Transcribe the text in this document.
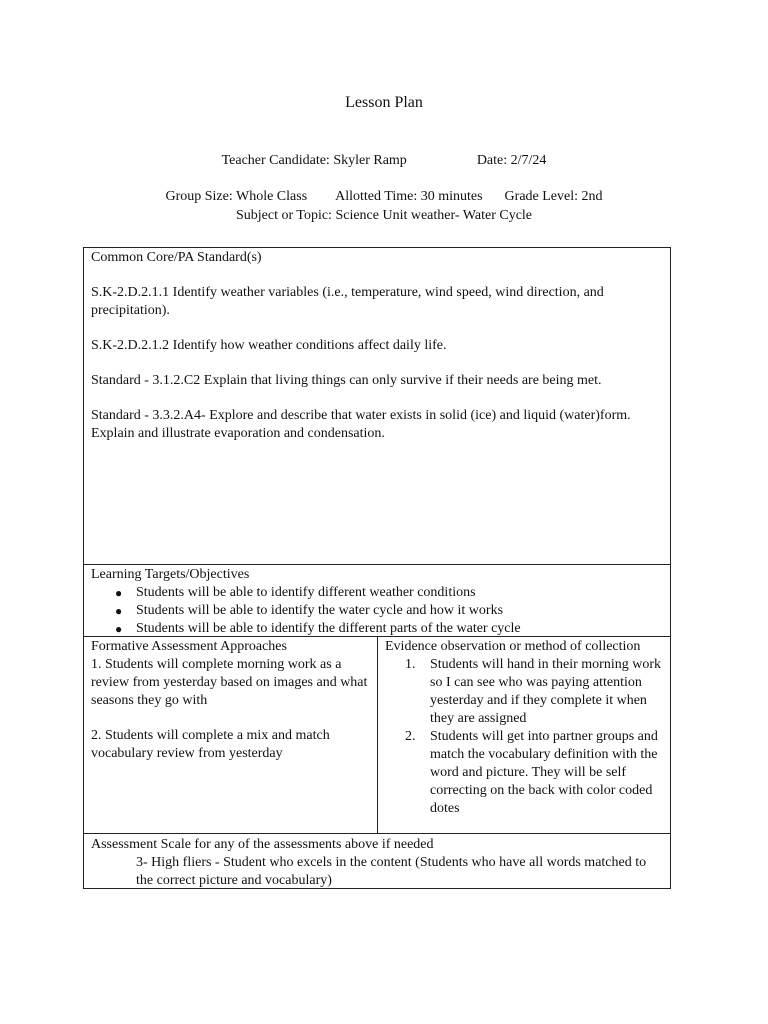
Lesson Plan
Teacher Candidate: Skyler Ramp	Date: 2/7/24
Group Size: Whole Class Allotted Time: 30 minutes Grade Level: 2nd
Subject or Topic: Science Unit weather- Water Cycle

Common Core/PA Standard(s)

S.K-2.D.2.1.1 Identify weather variables (i.e., temperature, wind speed, wind direction, and precipitation).

S.K-2.D.2.1.2 Identify how weather conditions affect daily life.

Standard - 3.1.2.C2 Explain that living things can only survive if their needs are being met.

Standard - 3.3.2.A4- Explore and describe that water exists in solid (ice) and liquid (water)form. Explain and illustrate evaporation and condensation.

Learning Targets/Objectives
● Students will be able to identify different weather conditions
● Students will be able to identify the water cycle and how it works
● Students will be able to identify the different parts of the water cycle
Formative Assessment Approaches

1. Students will complete morning work as a review from yesterday based on images and what seasons they go with

2. Students will complete a mix and match vocabulary review from yesterday

Evidence observation or method of collection
1. Students will hand in their morning work so I can see who was paying attention yesterday and if they complete it when they are assigned
2. Students will get into partner groups and match the vocabulary definition with the word and picture. They will be self correcting on the back with color coded dotes
Assessment Scale for any of the assessments above if needed
3- High fliers - Student who excels in the content (Students who have all words matched to the correct picture and vocabulary)
